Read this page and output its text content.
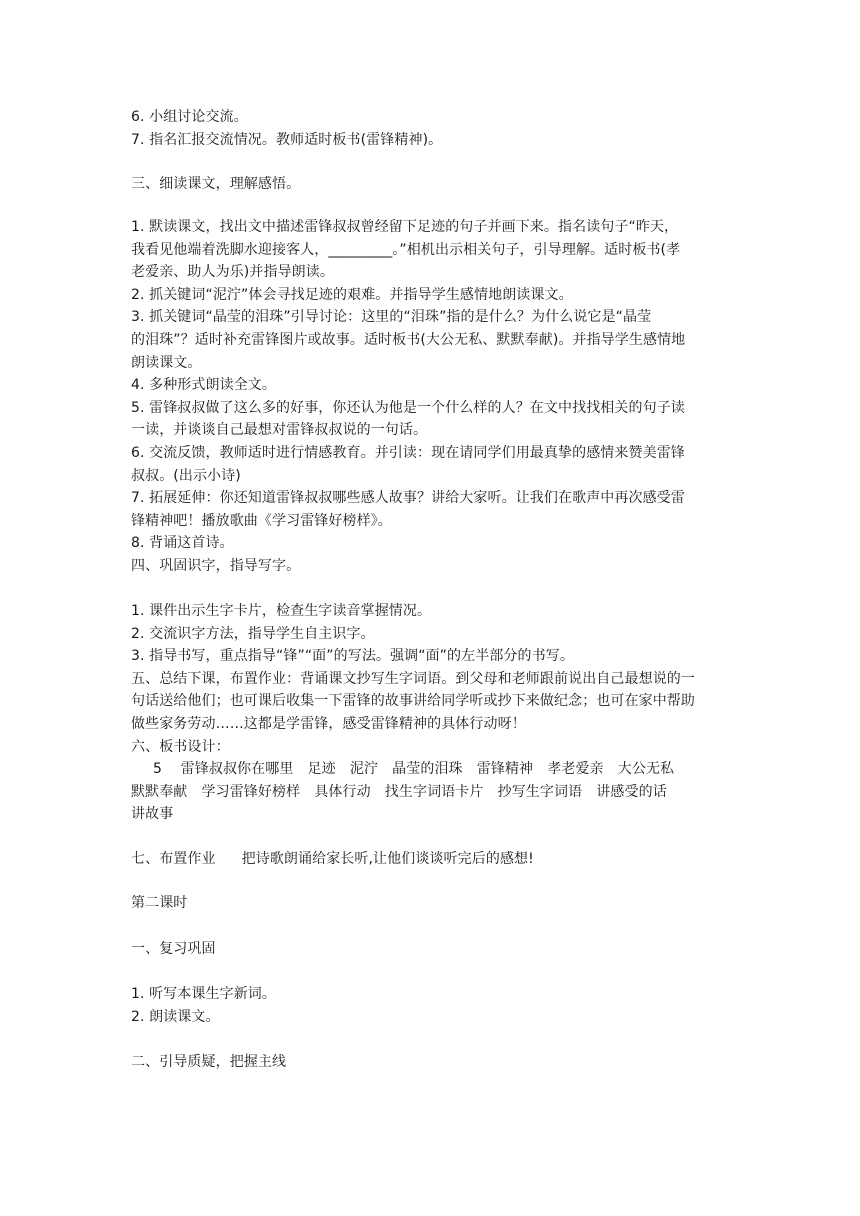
6. 小组讨论交流。
7. 指名汇报交流情况。教师适时板书(雷锋精神)。
三、细读课文，理解感悟。
1. 默读课文，找出文中描述雷锋叔叔曾经留下足迹的句子并画下来。指名读句子“昨天，
我看见他端着洗脚水迎接客人，_________。”相机出示相关句子，引导理解。适时板书(孝
老爱亲、助人为乐)并指导朗读。
2. 抓关键词“泥泞”体会寻找足迹的艰难。并指导学生感情地朗读课文。
3. 抓关键词“晶莹的泪珠”引导讨论：这里的“泪珠”指的是什么？为什么说它是“晶莹
的泪珠”？适时补充雷锋图片或故事。适时板书(大公无私、默默奉献)。并指导学生感情地
朗读课文。
4. 多种形式朗读全文。
5. 雷锋叔叔做了这么多的好事，你还认为他是一个什么样的人？在文中找找相关的句子读
一读，并谈谈自己最想对雷锋叔叔说的一句话。
6. 交流反馈，教师适时进行情感教育。并引读：现在请同学们用最真挚的感情来赞美雷锋
叔叔。(出示小诗)
7. 拓展延伸：你还知道雷锋叔叔哪些感人故事？讲给大家听。让我们在歌声中再次感受雷
锋精神吧！播放歌曲《学习雷锋好榜样》。
8. 背诵这首诗。
四、巩固识字，指导写字。
1. 课件出示生字卡片，检查生字读音掌握情况。
2. 交流识字方法，指导学生自主识字。
3. 指导书写，重点指导“锋”“面”的写法。强调“面”的左半部分的书写。
五、总结下课，布置作业：背诵课文抄写生字词语。到父母和老师跟前说出自己最想说的一
句话送给他们；也可课后收集一下雷锋的故事讲给同学听或抄下来做纪念；也可在家中帮助
做些家务劳动……这都是学雷锋，感受雷锋精神的具体行动呀！
六、板书设计：
5　 雷锋叔叔你在哪里　足迹　泥泞　晶莹的泪珠　雷锋精神　孝老爱亲　大公无私
默默奉献　学习雷锋好榜样　具体行动　找生字词语卡片　抄写生字词语　讲感受的话
讲故事
七、布置作业 把诗歌朗诵给家长听,让他们谈谈听完后的感想!
第二课时
一、复习巩固
1. 听写本课生字新词。
2. 朗读课文。
二、引导质疑，把握主线
